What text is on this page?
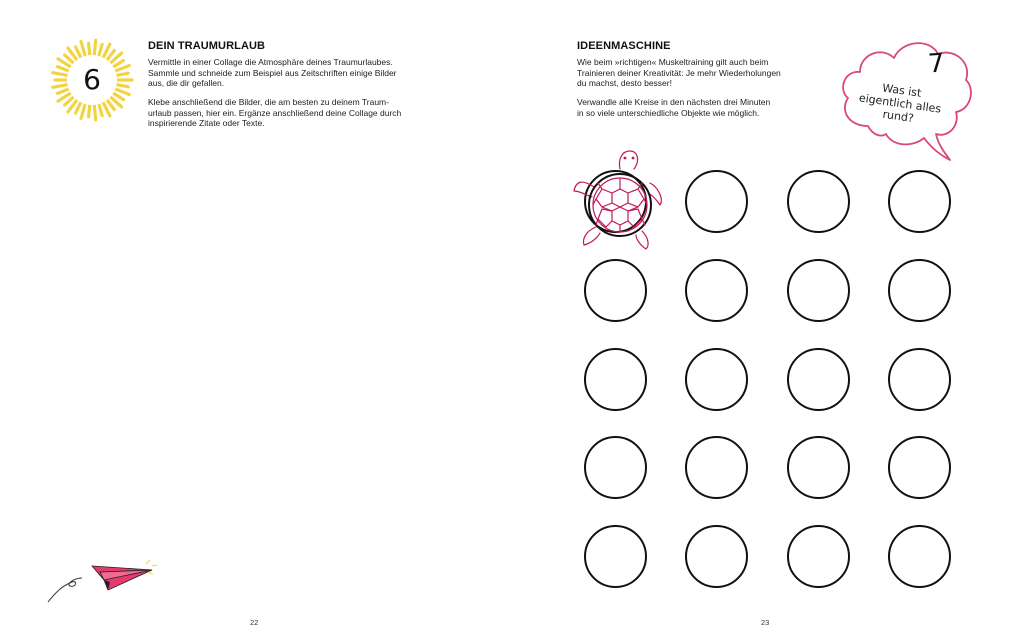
6
DEIN TRAUMURLAUB

Vermittle in einer Collage die Atmosphäre deines Traumurlaubes.
Sammle und schneide zum Beispiel aus Zeitschriften einige Bilder
aus, die dir gefallen.

Klebe anschließend die Bilder, die am besten zu deinem Traum-
urlaub passen, hier ein. Ergänze anschließend deine Collage durch
inspirierende Zitate oder Texte.

22
IDEENMASCHINE

Wie beim »richtigen« Muskeltraining gilt auch beim
Trainieren deiner Kreativität: Je mehr Wiederholungen
du machst, desto besser!

Verwandle alle Kreise in den nächsten drei Minuten
in so viele unterschiedliche Objekte wie möglich.

7
Was ist
eigentlich alles
rund?
23
